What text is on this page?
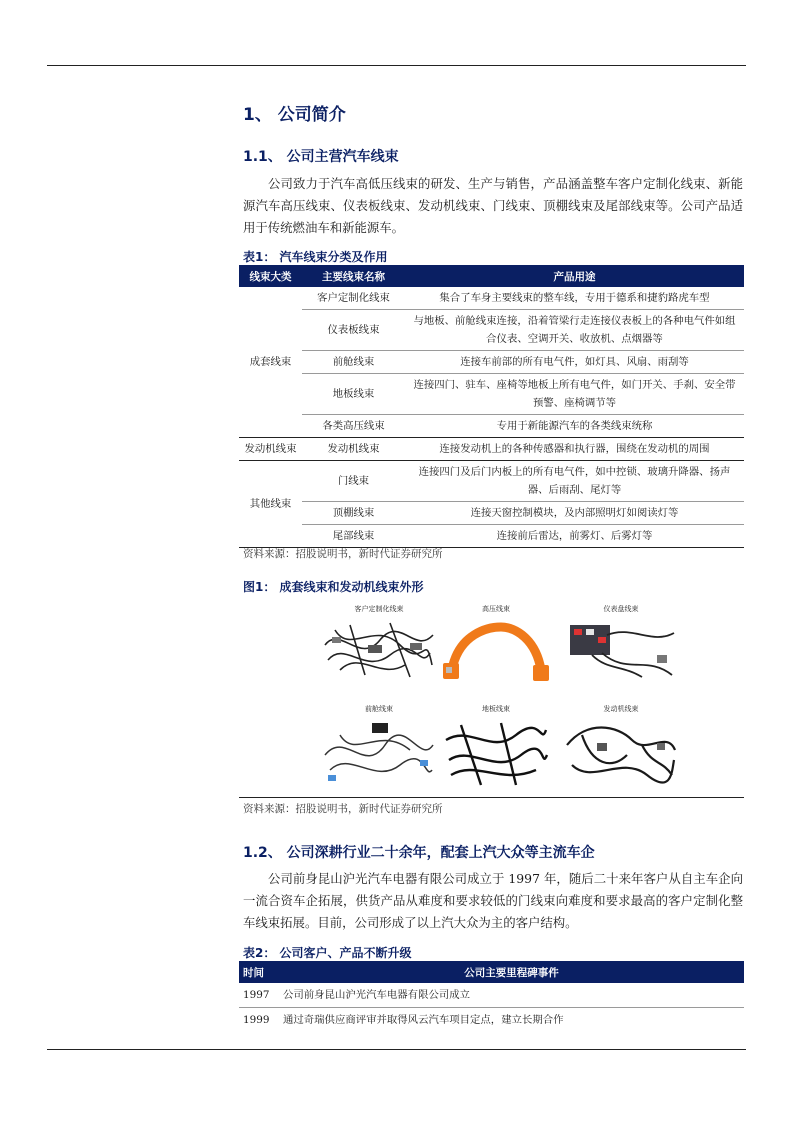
1、 公司简介
1.1、 公司主营汽车线束
公司致力于汽车高低压线束的研发、生产与销售，产品涵盖整车客户定制化线束、新能源汽车高压线束、仪表板线束、发动机线束、门线束、顶棚线束及尾部线束等。公司产品适用于传统燃油车和新能源车。
表1： 汽车线束分类及作用
线束大类	主要线束名称	产品用途
成套线束	客户定制化线束	集合了车身主要线束的整车线，专用于德系和捷豹路虎车型
	仪表板线束	与地板、前舱线束连接，沿着管梁行走连接仪表板上的各种电气件如组合仪表、空调开关、收放机、点烟器等
	前舱线束	连接车前部的所有电气件，如灯具、风扇、雨刮等
	地板线束	连接四门、驻车、座椅等地板上所有电气件，如门开关、手刹、安全带预警、座椅调节等
	各类高压线束	专用于新能源汽车的各类线束统称
发动机线束	发动机线束	连接发动机上的各种传感器和执行器，围绕在发动机的周围
其他线束	门线束	连接四门及后门内板上的所有电气件，如中控锁、玻璃升降器、扬声器、后雨刮、尾灯等
	顶棚线束	连接天窗控制模块，及内部照明灯如阅读灯等
	尾部线束	连接前后雷达，前雾灯、后雾灯等
资料来源：招股说明书，新时代证券研究所
图1： 成套线束和发动机线束外形
客户定制化线束	高压线束	仪表盘线束
前舱线束	地板线束	发动机线束
资料来源：招股说明书，新时代证券研究所
1.2、 公司深耕行业二十余年，配套上汽大众等主流车企
公司前身昆山沪光汽车电器有限公司成立于 1997 年，随后二十来年客户从自主车企向一流合资车企拓展，供货产品从难度和要求较低的门线束向难度和要求最高的客户定制化整车线束拓展。目前，公司形成了以上汽大众为主的客户结构。
表2： 公司客户、产品不断升级
时间	公司主要里程碑事件
1997	公司前身昆山沪光汽车电器有限公司成立
1999	通过奇瑞供应商评审并取得风云汽车项目定点，建立长期合作
